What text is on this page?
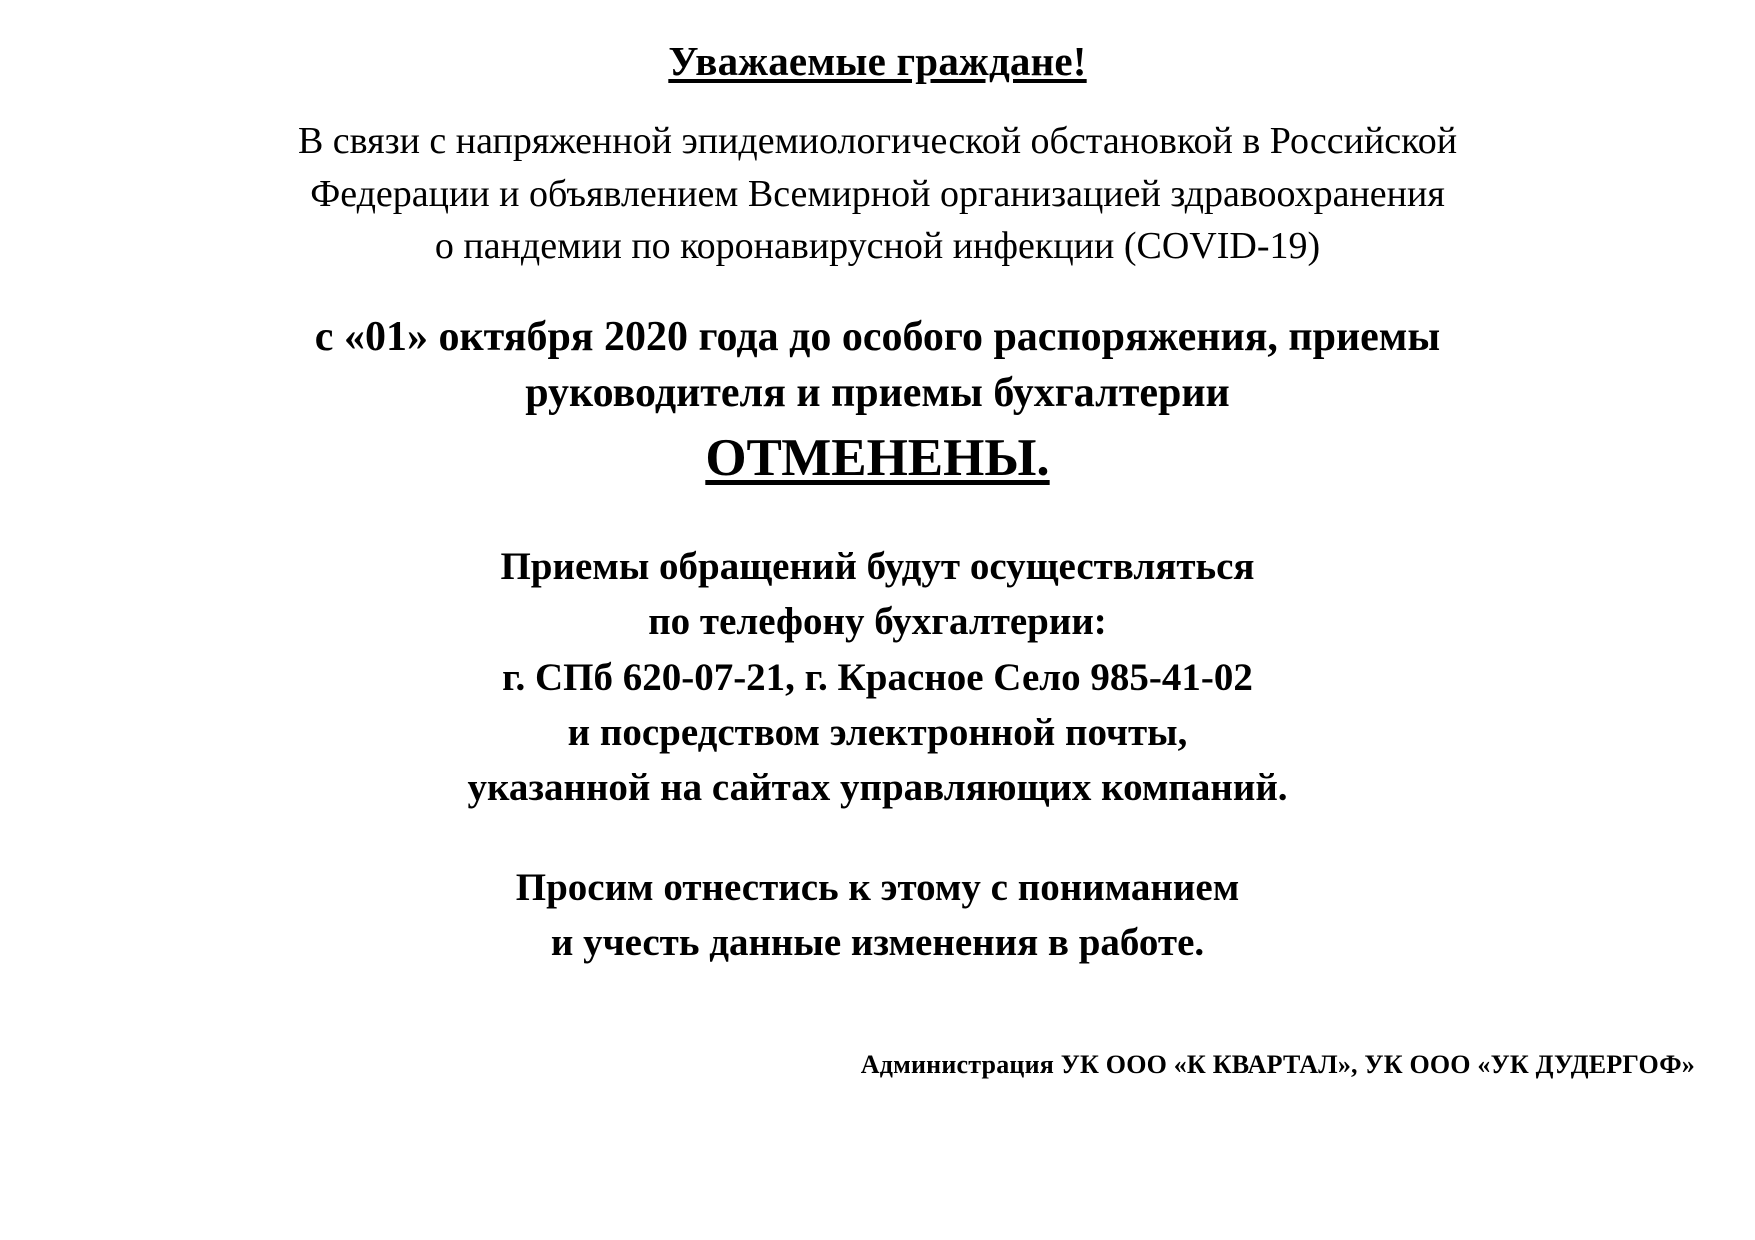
Уважаемые граждане!

В связи с напряженной эпидемиологической обстановкой в Российской
Федерации и объявлением Всемирной организацией здравоохранения
о пандемии по коронавирусной инфекции (COVID-19)

с «01» октября 2020 года до особого распоряжения, приемы
руководителя и приемы бухгалтерии

ОТМЕНЕНЫ.

Приемы обращений будут осуществляться
по телефону бухгалтерии:
г. СПб 620-07-21, г. Красное Село 985-41-02
и посредством электронной почты,
указанной на сайтах управляющих компаний.

Просим отнестись к этому с пониманием
и учесть данные изменения в работе.

Администрация УК ООО «К КВАРТАЛ», УК ООО «УК ДУДЕРГОФ»
